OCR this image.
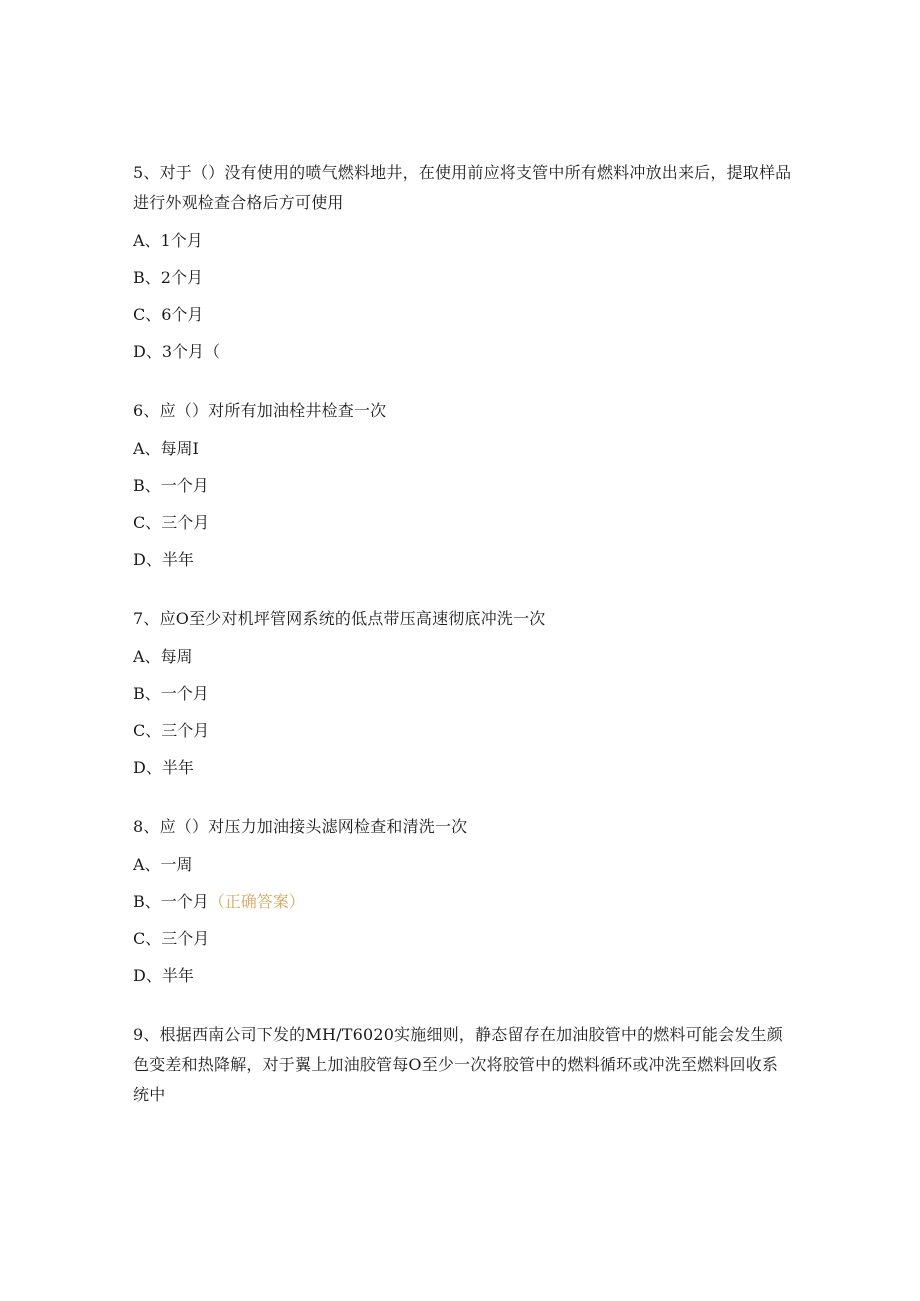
5、对于（）没有使用的喷气燃料地井，在使用前应将支管中所有燃料冲放出来后，提取样品进行外观检查合格后方可使用
A、1个月
B、2个月
C、6个月
D、3个月（
6、应（）对所有加油栓井检查一次
A、每周I
B、一个月
C、三个月
D、半年
7、应O至少对机坪管网系统的低点带压高速彻底冲洗一次
A、每周
B、一个月
C、三个月
D、半年
8、应（）对压力加油接头滤网检查和清洗一次
A、一周
B、一个月（正确答案）
C、三个月
D、半年
9、根据西南公司下发的MH/T6020实施细则，静态留存在加油胶管中的燃料可能会发生颜色变差和热降解，对于翼上加油胶管每O至少一次将胶管中的燃料循环或冲洗至燃料回收系统中
